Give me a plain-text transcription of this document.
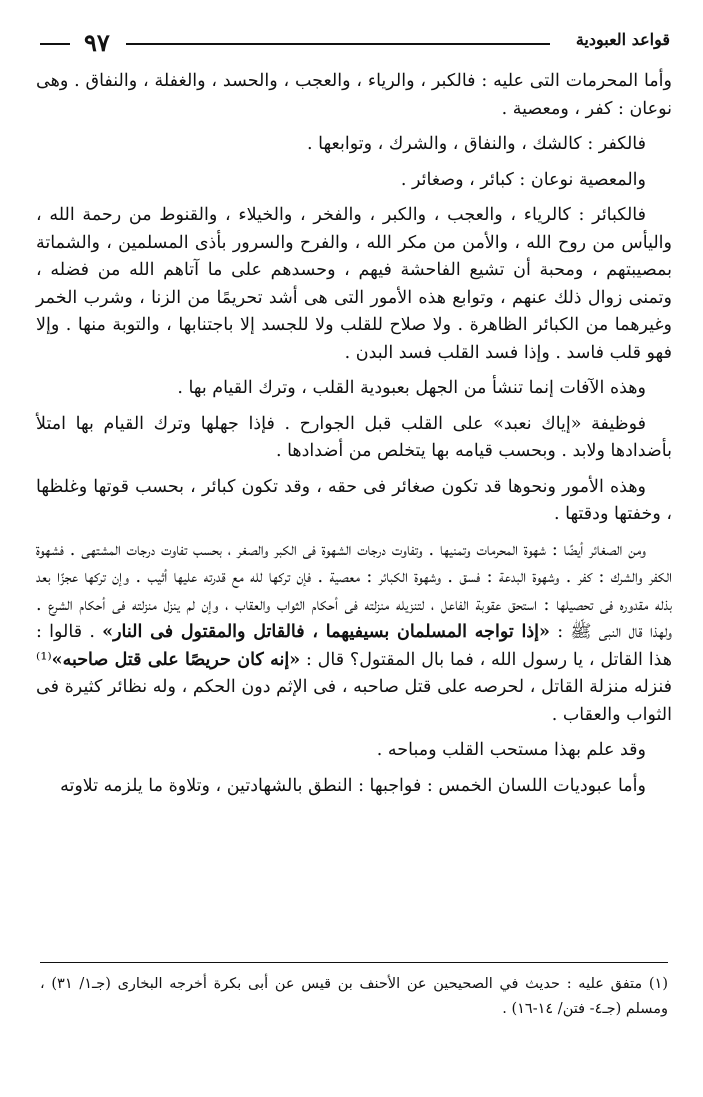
٩٧	قواعد العبودية

وأما المحرمات التى عليه : فالكبر ، والرياء ، والعجب ، والحسد ، والغفلة ، والنفاق . وهى نوعان : كفر ، ومعصية .

فالكفر : كالشك ، والنفاق ، والشرك ، وتوابعها .

والمعصية نوعان : كبائر ، وصغائر .

فالكبائر : كالرياء ، والعجب ، والكبر ، والفخر ، والخيلاء ، والقنوط من رحمة الله ، واليأس من روح الله ، والأمن من مكر الله ، والفرح والسرور بأذى المسلمين ، والشماتة بمصيبتهم ، ومحبة أن تشيع الفاحشة فيهم ، وحسدهم على ما آتاهم الله من فضله ، وتمنى زوال ذلك عنهم ، وتوابع هذه الأمور التى هى أشد تحريمًا من الزنا ، وشرب الخمر وغيرهما من الكبائر الظاهرة . ولا صلاح للقلب ولا للجسد إلا باجتنابها ، والتوبة منها . وإلا فهو قلب فاسد . وإذا فسد القلب فسد البدن .

وهذه الآفات إنما تنشأ من الجهل بعبودية القلب ، وترك القيام بها .

فوظيفة «إياك نعبد» على القلب قبل الجوارح . فإذا جهلها وترك القيام بها امتلأ بأضدادها ولابد . وبحسب قيامه بها يتخلص من أضدادها .

وهذه الأمور ونحوها قد تكون صغائر فى حقه ، وقد تكون كبائر ، بحسب قوتها وغلظها ، وخفتها ودقتها .

ومن الصغائر أيضًا : شهوة المحرمات وتمنيها . وتفاوت درجات الشهوة فى الكبر والصغر ، بحسب تفاوت درجات المشتهى . فشهوة الكفر والشرك : كفر . وشهوة البدعة : فسق . وشهوة الكبائر : معصية . فإن تركها لله مع قدرته عليها أثيب . وإن تركها عجزًا بعد بذله مقدوره فى تحصيلها : استحق عقوبة الفاعل ، لتنزيله منزلته فى أحكام الثواب والعقاب ، وإن لم ينزل منزلته فى أحكام الشرع . ولهذا قال النبى ﷺ : «إذا تواجه المسلمان بسيفيهما ، فالقاتل والمقتول فى النار» . قالوا : هذا القاتل ، يا رسول الله ، فما بال المقتول؟ قال : «إنه كان حريصًا على قتل صاحبه»⁽¹⁾ فنزله منزلة القاتل ، لحرصه على قتل صاحبه ، فى الإثم دون الحكم ، وله نظائر كثيرة فى الثواب والعقاب .

وقد علم بهذا مستحب القلب ومباحه .

وأما عبوديات اللسان الخمس : فواجبها : النطق بالشهادتين ، وتلاوة ما يلزمه تلاوته

(١) متفق عليه : حديث في الصحيحين عن الأحنف بن قيس عن أبى بكرة أخرجه البخارى (جـ١/ ٣١) ، ومسلم (جـ٤- فتن/ ١٤-١٦) .
